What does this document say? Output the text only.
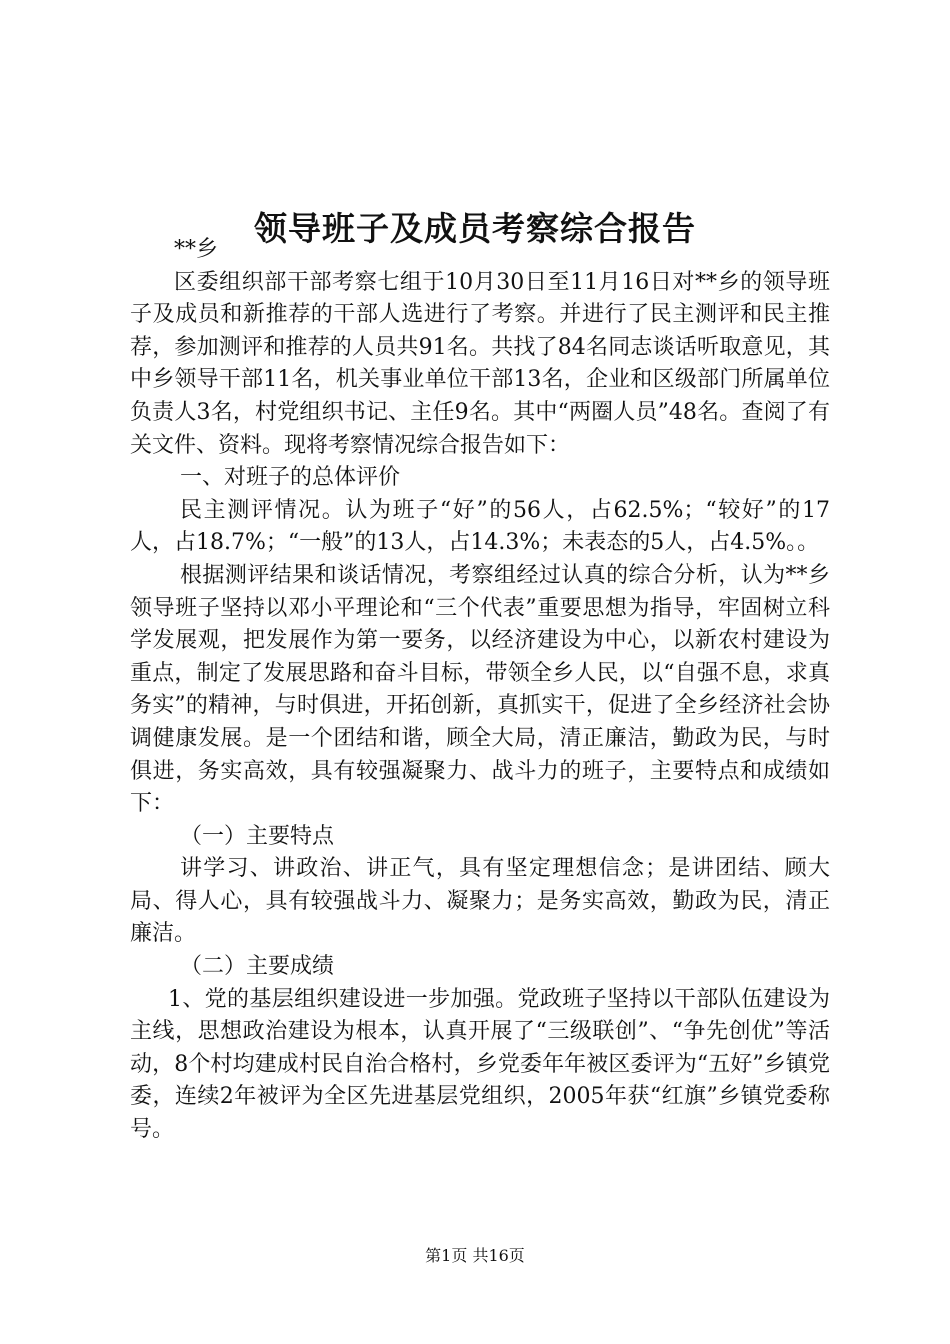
领导班子及成员考察综合报告

**乡

区委组织部干部考察七组于10月30日至11月16日对**乡的领导班子及成员和新推荐的干部人选进行了考察。并进行了民主测评和民主推荐，参加测评和推荐的人员共91名。共找了84名同志谈话听取意见，其中乡领导干部11名，机关事业单位干部13名，企业和区级部门所属单位负责人3名，村党组织书记、主任9名。其中“两圈人员”48名。查阅了有关文件、资料。现将考察情况综合报告如下：

一、对班子的总体评价

民主测评情况。认为班子“好”的56人，占62.5%；“较好”的17人，占18.7%；“一般”的13人，占14.3%；未表态的5人，占4.5%。。

根据测评结果和谈话情况，考察组经过认真的综合分析，认为**乡领导班子坚持以邓小平理论和“三个代表”重要思想为指导，牢固树立科学发展观，把发展作为第一要务，以经济建设为中心，以新农村建设为重点，制定了发展思路和奋斗目标，带领全乡人民，以“自强不息，求真务实”的精神，与时俱进，开拓创新，真抓实干，促进了全乡经济社会协调健康发展。是一个团结和谐，顾全大局，清正廉洁，勤政为民，与时俱进，务实高效，具有较强凝聚力、战斗力的班子，主要特点和成绩如下：

（一）主要特点

讲学习、讲政治、讲正气，具有坚定理想信念；是讲团结、顾大局、得人心，具有较强战斗力、凝聚力；是务实高效，勤政为民，清正廉洁。

（二）主要成绩

1、党的基层组织建设进一步加强。党政班子坚持以干部队伍建设为主线，思想政治建设为根本，认真开展了“三级联创”、“争先创优”等活动，8个村均建成村民自治合格村，乡党委年年被区委评为“五好”乡镇党委，连续2年被评为全区先进基层党组织，2005年获“红旗”乡镇党委称号。

第1页 共16页
